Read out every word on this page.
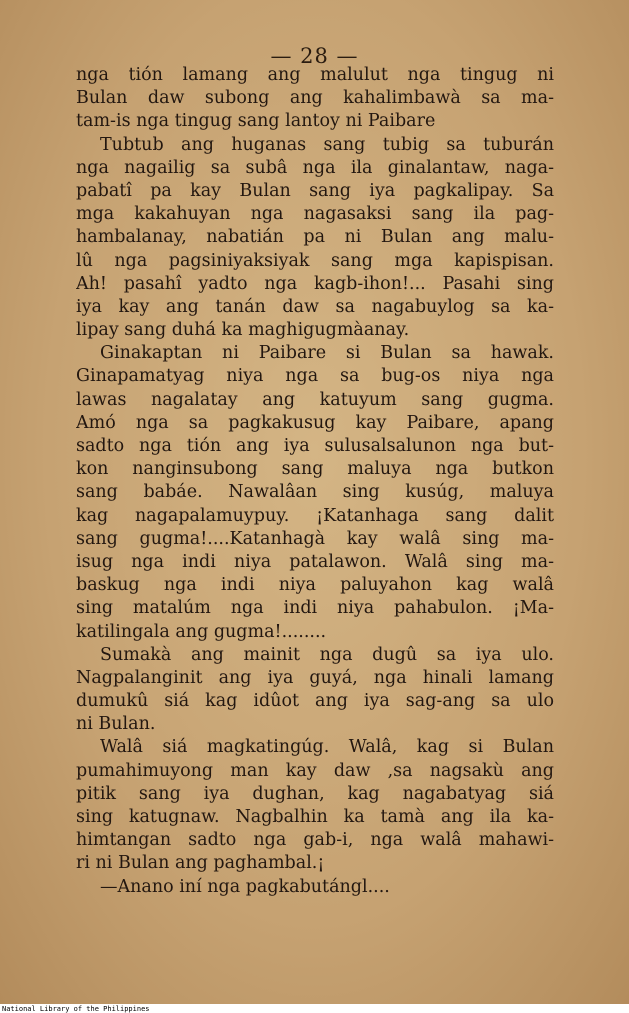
— 28 —
nga tión lamang ang malulut nga tingug ni
Bulan daw subong ang kahalimbawà sa ma-
tam-is nga tingug sang lantoy ni Paibare
Tubtub ang huganas sang tubig sa tuburán
nga nagailig sa subâ nga ila ginalantaw, naga-
pabatî pa kay Bulan sang iya pagkalipay. Sa
mga kakahuyan nga nagasaksi sang ila pag-
hambalanay, nabatián pa ni Bulan ang malu-
lû nga pagsiniyaksiyak sang mga kapispisan.
Ah! pasahî yadto nga kagb-ihon!... Pasahi sing
iya kay ang tanán daw sa nagabuylog sa ka-
lipay sang duhá ka maghigugmàanay.
Ginakaptan ni Paibare si Bulan sa hawak.
Ginapamatyag niya nga sa bug-os niya nga
lawas nagalatay ang katuyum sang gugma.
Amó nga sa pagkakusug kay Paibare, apang
sadto nga tión ang iya sulusalsalunon nga but-
kon nanginsubong sang maluya nga butkon
sang babáe. Nawalâan sing kusúg, maluya
kag nagapalamuypuy. ¡Katanhaga sang dalit
sang gugma!....Katanhagà kay walâ sing ma-
isug nga indi niya patalawon. Walâ sing ma-
baskug nga indi niya paluyahon kag walâ
sing matalúm nga indi niya pahabulon. ¡Ma-
katilingala ang gugma!........
Sumakà ang mainit nga dugû sa iya ulo.
Nagpalanginit ang iya guyá, nga hinali lamang
dumukû siá kag idûot ang iya sag-ang sa ulo
ni Bulan.
Walâ siá magkatingúg. Walâ, kag si Bulan
pumahimuyong man kay daw ,sa nagsakù ang
pitik sang iya dughan, kag nagabatyag siá
sing katugnaw. Nagbalhin ka tamà ang ila ka-
himtangan sadto nga gab-i, nga walâ mahawi-
ri ni Bulan ang paghambal.¡
—Anano iní nga pagkabutángl....
National Library of the Philippines
